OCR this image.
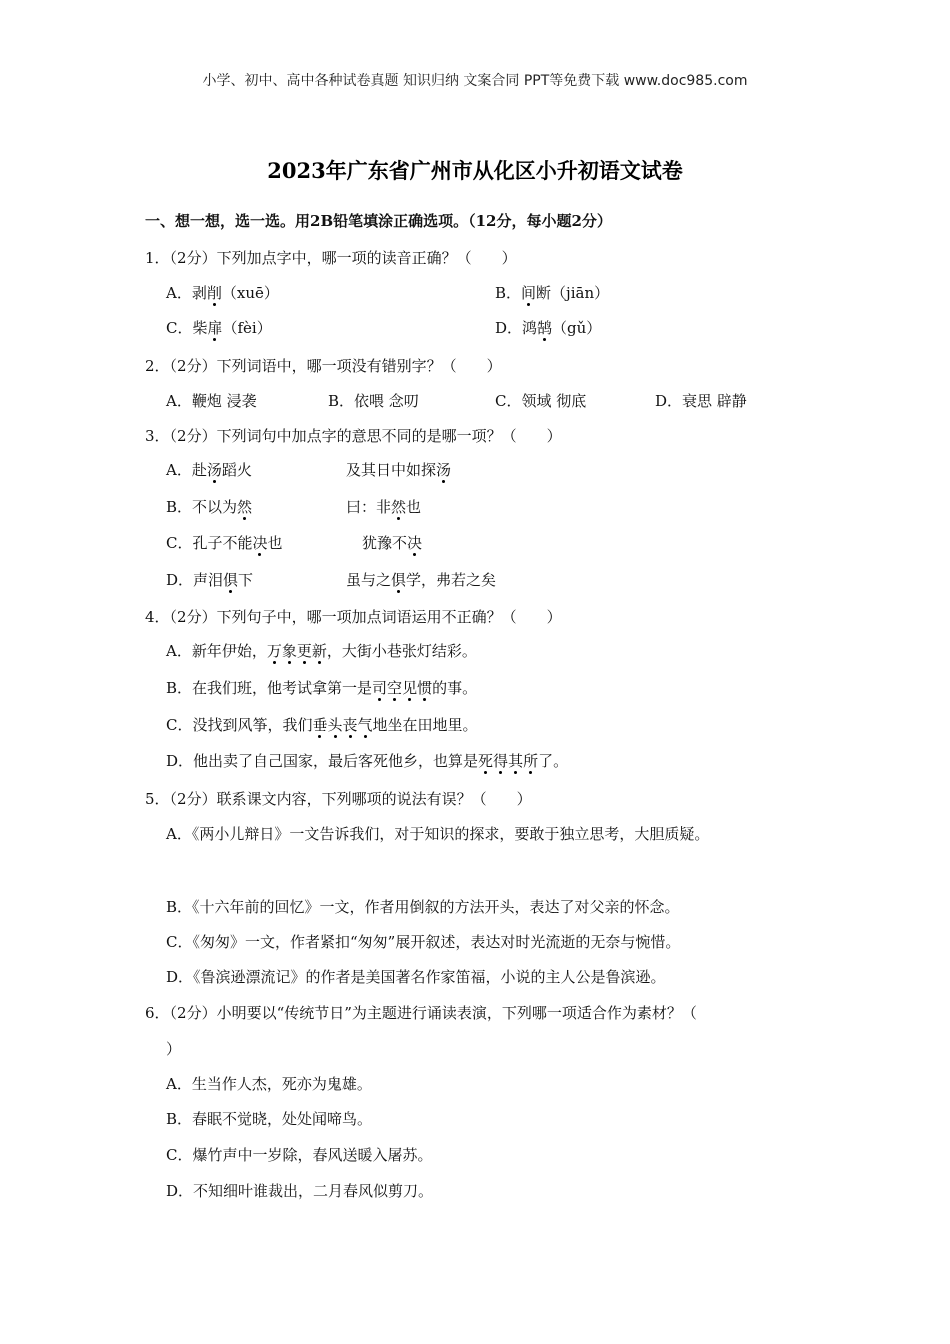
小学、初中、高中各种试卷真题 知识归纳 文案合同 PPT等免费下载 www.doc985.com
2023年广东省广州市从化区小升初语文试卷
一、想一想，选一选。用2B铅笔填涂正确选项。（12分，每小题2分）
1．（2分）下列加点字中，哪一项的读音正确？（　　）
A．剥削（xuē）	B．间断（jiān）
C．柴扉（fèi）	D．鸿鹄（gǔ）
2．（2分）下列词语中，哪一项没有错别字？（　　）
A．鞭炮 浸袭	B．依喂 念叨	C．领域 彻底	D．衰思 辟静
3．（2分）下列词句中加点字的意思不同的是哪一项？（　　）
A．赴汤蹈火	及其日中如探汤
B．不以为然	曰：非然也
C．孔子不能决也	犹豫不决
D．声泪俱下	虽与之俱学，弗若之矣
4．（2分）下列句子中，哪一项加点词语运用不正确？（　　）
A．新年伊始，万象更新，大街小巷张灯结彩。
B．在我们班，他考试拿第一是司空见惯的事。
C．没找到风筝，我们垂头丧气地坐在田地里。
D．他出卖了自己国家，最后客死他乡，也算是死得其所了。
5．（2分）联系课文内容，下列哪项的说法有误？（　　）
A．《两小儿辩日》一文告诉我们，对于知识的探求，要敢于独立思考，大胆质疑。
B．《十六年前的回忆》一文，作者用倒叙的方法开头，表达了对父亲的怀念。
C．《匆匆》一文，作者紧扣“匆匆”展开叙述，表达对时光流逝的无奈与惋惜。
D．《鲁滨逊漂流记》的作者是美国著名作家笛福，小说的主人公是鲁滨逊。
6．（2分）小明要以“传统节日”为主题进行诵读表演，下列哪一项适合作为素材？（
）
A．生当作人杰，死亦为鬼雄。
B．春眠不觉晓，处处闻啼鸟。
C．爆竹声中一岁除，春风送暖入屠苏。
D．不知细叶谁裁出，二月春风似剪刀。
